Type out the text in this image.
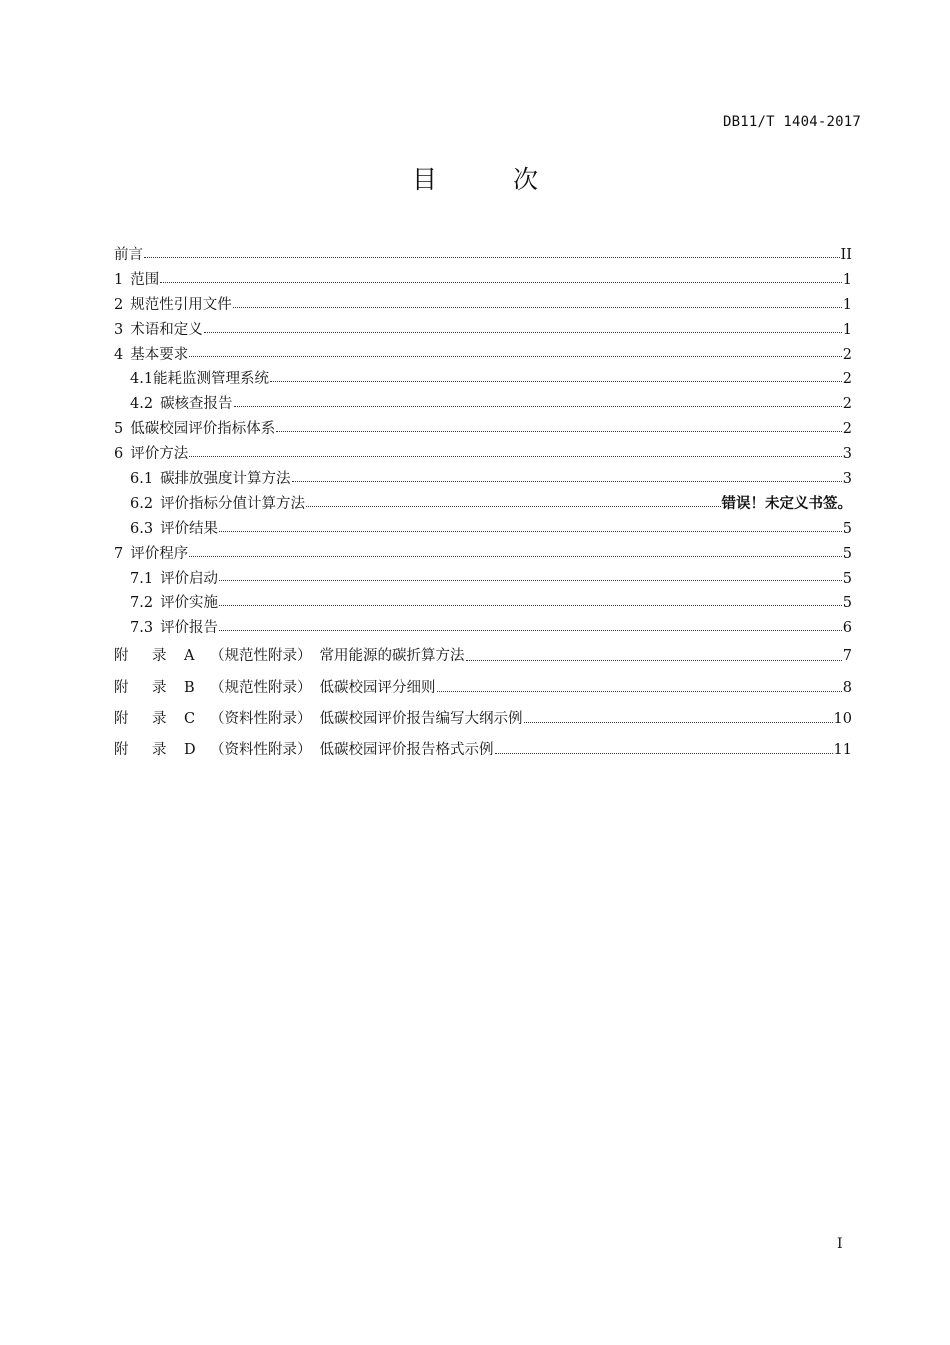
DB11/T 1404-2017
目 次
前言	II
1 范围	1
2 规范性引用文件	1
3 术语和定义	1
4 基本要求	2
4.1能耗监测管理系统	2
4.2 碳核查报告	2
5 低碳校园评价指标体系	2
6 评价方法	3
6.1 碳排放强度计算方法	3
6.2 评价指标分值计算方法	错误！未定义书签。
6.3 评价结果	5
7 评价程序	5
7.1 评价启动	5
7.2 评价实施	5
7.3 评价报告	6
附 录 A （规范性附录） 常用能源的碳折算方法	7
附 录 B （规范性附录） 低碳校园评分细则	8
附 录 C （资料性附录） 低碳校园评价报告编写大纲示例	10
附 录 D （资料性附录） 低碳校园评价报告格式示例	11
I
